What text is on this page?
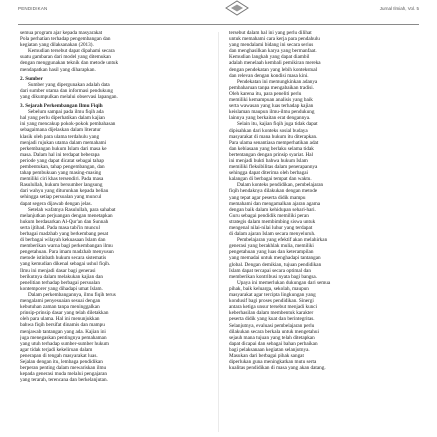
PENDIDIKAN	Jurnal Ilmiah, Vol. 5

semua program ajar kepada masyarakat

Pola perhatian terhadap pengembangan dan

kegiatan yang dilaksanakan (2013).

Kemudian tersebut dapat dipahami secara

suatu gambaran dari model yang ditemukan

dengan menggunakan teknik dan metode untuk

mendapatkan hasil yang diharapkan.

2. Sumber

Sumber yang dipergunakan adalah data

dari sumber utama dan informasi pendukung

yang dikumpulkan melalui observasi lapangan.

3. Sejarah Perkembangan Ilmu Fiqih

Sebelum sampai pada ilmu fiqih ada

hal yang perlu diperhatikan dalam kajian

ini yang mencakup pokok-pokok pembahasan

sebagaimana dijelaskan dalam literatur

klasik oleh para ulama terdahulu yang

menjadi rujukan utama dalam memahami

perkembangan hukum Islam dari masa ke

masa. Dalam hal ini terdapat beberapa

periode yang dapat dicatat sebagai tahap

pembentukan, tahap pengembangan, dan

tahap pembukuan yang masing-masing

memiliki ciri khas tersendiri. Pada masa

Rasulullah, hukum bersumber langsung

dari wahyu yang diturunkan kepada beliau

sehingga setiap persoalan yang muncul

dapat segera dijawab dengan jelas.

Setelah wafatnya Rasulullah, para sahabat

melanjutkan perjuangan dengan menetapkan

hukum berdasarkan Al-Qur'an dan Sunnah

serta ijtihad. Pada masa tabi'in muncul

berbagai madzhab yang berkembang pesat

di berbagai wilayah kekuasaan Islam dan

memberikan warna bagi perkembangan ilmu

pengetahuan. Para imam madzhab menyusun

metode istinbath hukum secara sistematis

yang kemudian dikenal sebagai ushul fiqih.

Ilmu ini menjadi dasar bagi generasi

berikutnya dalam melakukan kajian dan

penelitian terhadap berbagai persoalan

kontemporer yang dihadapi umat Islam.

Dalam perkembangannya, ilmu fiqih terus

mengalami penyesuaian sesuai dengan

kebutuhan zaman tanpa meninggalkan

prinsip-prinsip dasar yang telah diletakkan

oleh para ulama. Hal ini menunjukkan

bahwa fiqih bersifat dinamis dan mampu

menjawab tantangan yang ada. Kajian ini

juga menegaskan pentingnya pemahaman

yang utuh terhadap sumber-sumber hukum

agar tidak terjadi kekeliruan dalam

penerapan di tengah masyarakat luas.

Sejalan dengan itu, lembaga pendidikan

berperan penting dalam mewariskan ilmu

kepada generasi muda melalui pengajaran

yang terarah, terencana dan berkelanjutan.

tersebut dalam hal ini yang perlu dilihat

untuk memahami cara kerja para pendahulu

yang mendalami bidang ini secara serius

dan menghasilkan karya yang bermanfaat.

Kemudian langkah yang dapat diambil

adalah menelaah kembali pemikiran mereka

dengan pendekatan yang lebih kontekstual

dan relevan dengan kondisi masa kini.

Pendekatan ini memungkinkan adanya

pembaharuan tanpa mengabaikan tradisi.

Oleh karena itu, para peneliti perlu

memiliki kemampuan analisis yang baik

serta wawasan yang luas terhadap kajian

keislaman maupun ilmu-ilmu pendukung

lainnya yang berkaitan erat dengannya.

Selain itu, kajian fiqih juga tidak dapat

dipisahkan dari konteks sosial budaya

masyarakat di mana hukum itu diterapkan.

Para ulama senantiasa memperhatikan adat

dan kebiasaan yang berlaku selama tidak

bertentangan dengan prinsip syariat. Hal

ini menjadi bukti bahwa hukum Islam

memiliki fleksibilitas dalam penerapannya

sehingga dapat diterima oleh berbagai

kalangan di berbagai tempat dan waktu.

Dalam konteks pendidikan, pembelajaran

fiqih hendaknya dilakukan dengan metode

yang tepat agar peserta didik mampu

memahami dan mengamalkan ajaran agama

dengan baik dalam kehidupan sehari-hari.

Guru sebagai pendidik memiliki peran

strategis dalam membimbing siswa untuk

mengenal nilai-nilai luhur yang terdapat

di dalam ajaran Islam secara menyeluruh.

Pembelajaran yang efektif akan melahirkan

generasi yang berakhlak mulia, memiliki

pengetahuan yang luas dan keterampilan

yang memadai untuk menghadapi tantangan

global. Dengan demikian, tujuan pendidikan

Islam dapat tercapai secara optimal dan

memberikan kontribusi nyata bagi bangsa.

Upaya ini memerlukan dukungan dari semua

pihak, baik keluarga, sekolah, maupun

masyarakat agar tercipta lingkungan yang

kondusif bagi proses pendidikan. Sinergi

antara ketiga unsur tersebut menjadi kunci

keberhasilan dalam membentuk karakter

peserta didik yang kuat dan berintegritas.

Selanjutnya, evaluasi pembelajaran perlu

dilakukan secara berkala untuk mengetahui

sejauh mana tujuan yang telah ditetapkan

dapat dicapai dan sebagai bahan perbaikan

bagi pelaksanaan kegiatan selanjutnya.

Masukan dari berbagai pihak sangat

diperlukan guna meningkatkan mutu serta

kualitas pendidikan di masa yang akan datang.
